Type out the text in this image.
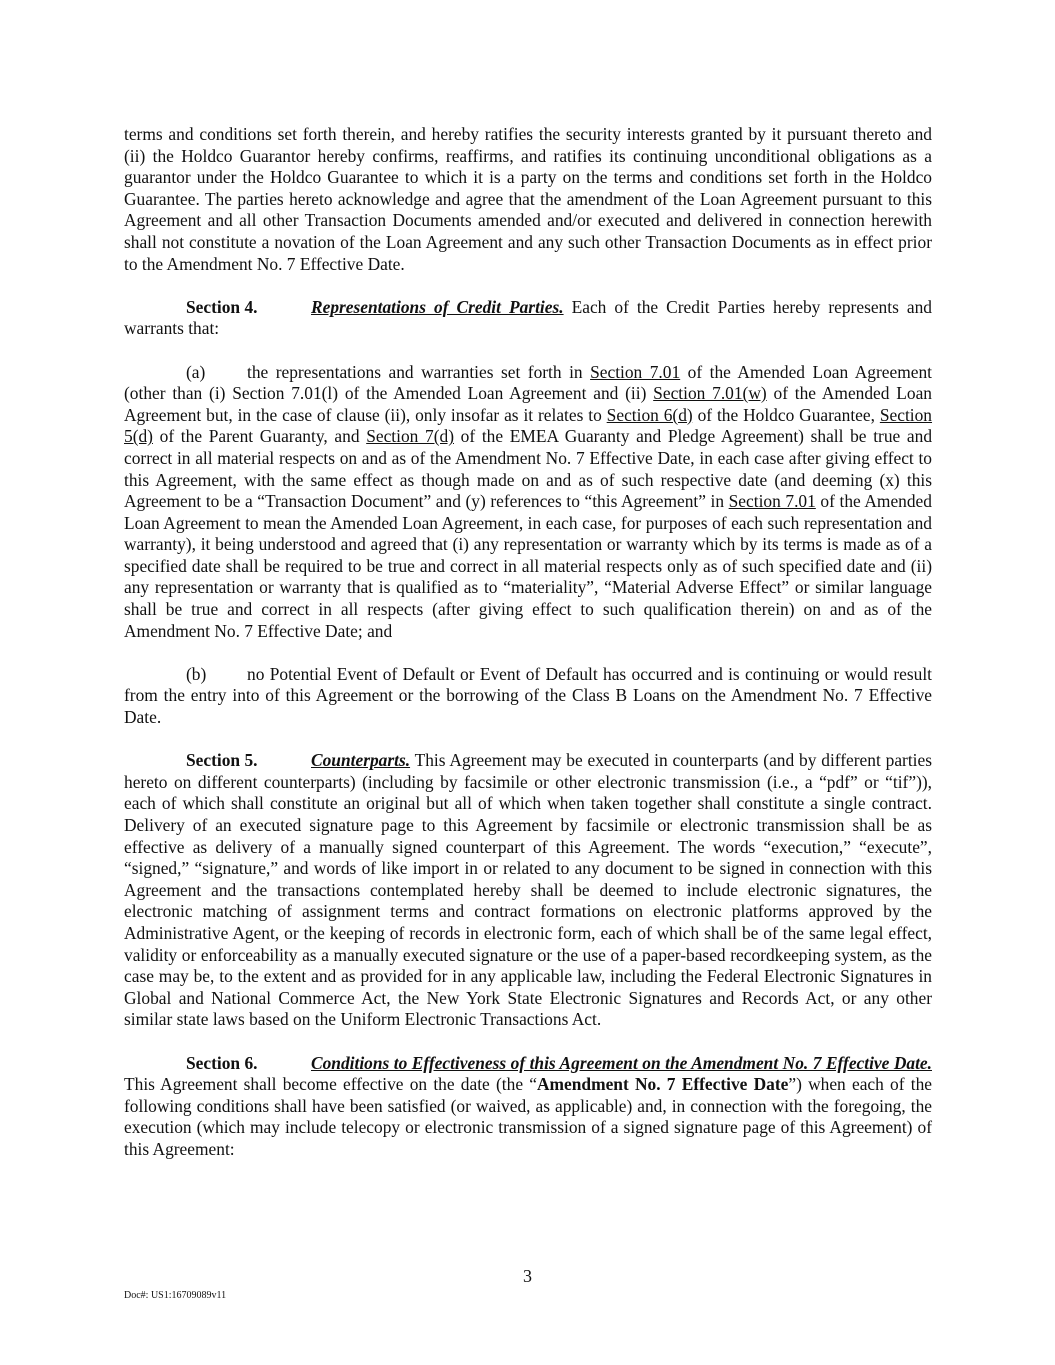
terms and conditions set forth therein, and hereby ratifies the security interests granted by it pursuant thereto and (ii) the Holdco Guarantor hereby confirms, reaffirms, and ratifies its continuing unconditional obligations as a guarantor under the Holdco Guarantee to which it is a party on the terms and conditions set forth in the Holdco Guarantee. The parties hereto acknowledge and agree that the amendment of the Loan Agreement pursuant to this Agreement and all other Transaction Documents amended and/or executed and delivered in connection herewith shall not constitute a novation of the Loan Agreement and any such other Transaction Documents as in effect prior to the Amendment No. 7 Effective Date.

Section 4.	Representations of Credit Parties. Each of the Credit Parties hereby represents and warrants that:

(a) the representations and warranties set forth in Section 7.01 of the Amended Loan Agreement (other than (i) Section 7.01(l) of the Amended Loan Agreement and (ii) Section 7.01(w) of the Amended Loan Agreement but, in the case of clause (ii), only insofar as it relates to Section 6(d) of the Holdco Guarantee, Section 5(d) of the Parent Guaranty, and Section 7(d) of the EMEA Guaranty and Pledge Agreement) shall be true and correct in all material respects on and as of the Amendment No. 7 Effective Date, in each case after giving effect to this Agreement, with the same effect as though made on and as of such respective date (and deeming (x) this Agreement to be a “Transaction Document” and (y) references to “this Agreement” in Section 7.01 of the Amended Loan Agreement to mean the Amended Loan Agreement, in each case, for purposes of each such representation and warranty), it being understood and agreed that (i) any representation or warranty which by its terms is made as of a specified date shall be required to be true and correct in all material respects only as of such specified date and (ii) any representation or warranty that is qualified as to “materiality”, “Material Adverse Effect” or similar language shall be true and correct in all respects (after giving effect to such qualification therein) on and as of the Amendment No. 7 Effective Date; and

(b) no Potential Event of Default or Event of Default has occurred and is continuing or would result from the entry into of this Agreement or the borrowing of the Class B Loans on the Amendment No. 7 Effective Date.

Section 5.	Counterparts. This Agreement may be executed in counterparts (and by different parties hereto on different counterparts) (including by facsimile or other electronic transmission (i.e., a “pdf” or “tif”)), each of which shall constitute an original but all of which when taken together shall constitute a single contract. Delivery of an executed signature page to this Agreement by facsimile or electronic transmission shall be as effective as delivery of a manually signed counterpart of this Agreement. The words “execution,” “execute”, “signed,” “signature,” and words of like import in or related to any document to be signed in connection with this Agreement and the transactions contemplated hereby shall be deemed to include electronic signatures, the electronic matching of assignment terms and contract formations on electronic platforms approved by the Administrative Agent, or the keeping of records in electronic form, each of which shall be of the same legal effect, validity or enforceability as a manually executed signature or the use of a paper-based recordkeeping system, as the case may be, to the extent and as provided for in any applicable law, including the Federal Electronic Signatures in Global and National Commerce Act, the New York State Electronic Signatures and Records Act, or any other similar state laws based on the Uniform Electronic Transactions Act.

Section 6.	Conditions to Effectiveness of this Agreement on the Amendment No. 7 Effective Date. This Agreement shall become effective on the date (the “Amendment No. 7 Effective Date”) when each of the following conditions shall have been satisfied (or waived, as applicable) and, in connection with the foregoing, the execution (which may include telecopy or electronic transmission of a signed signature page of this Agreement) of this Agreement:

3
Doc#: US1:16709089v11
